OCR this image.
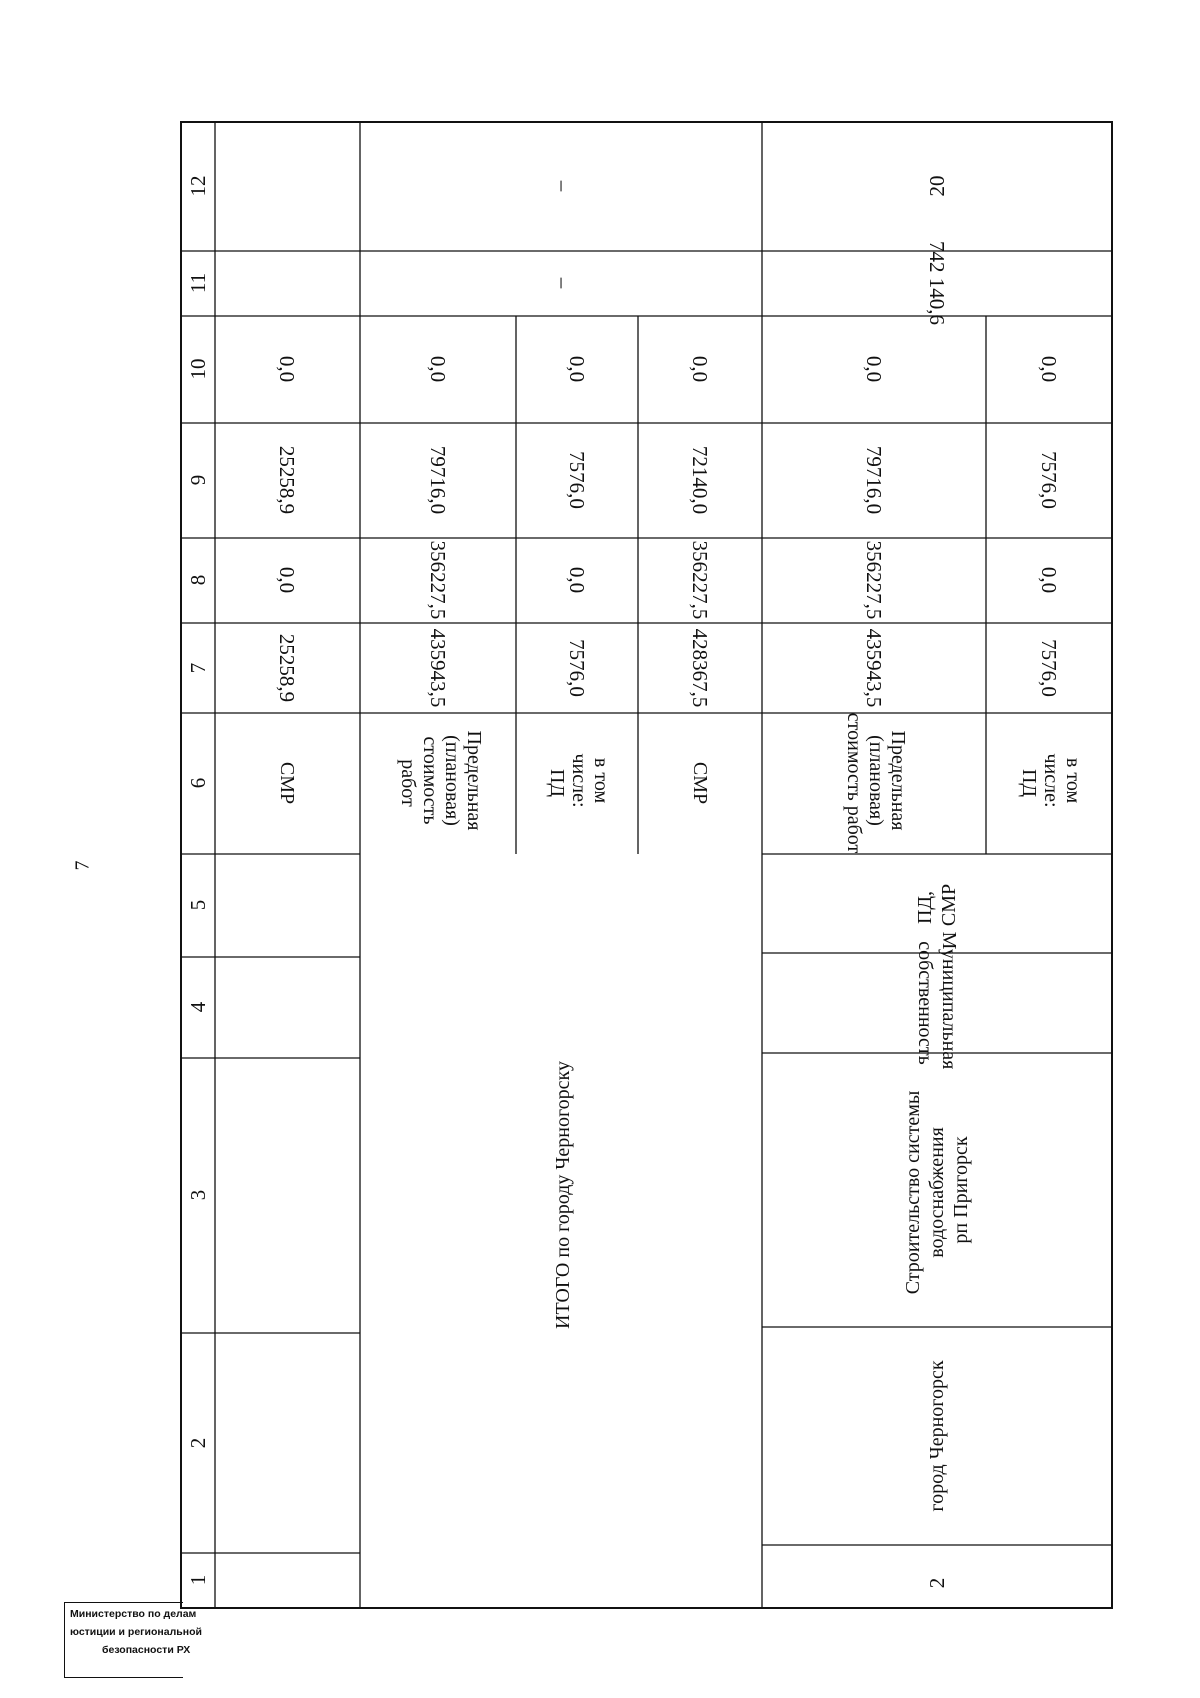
7
12
11
10
9
8
7
6
5
4
3
2
1
СМР
25258,9
0,0
25258,9
0,0
ИТОГО по городу Черногорску
–
–
Предельная (плановая) стоимость работ
435943,5
356227,5
79716,0
0,0
в том числе: ПД
7576,0
0,0
7576,0
0,0
СМР
428367,5
356227,5
72140,0
0,0
2
город Черногорск
Строительство системы водоснабжения рп Пригорск
Муниципальная собственность
ПД, СМР
742 140,6
20
Предельная (плановая) стоимость работ
435943,5
356227,5
79716,0
0,0
в том числе: ПД
7576,0
0,0
7576,0
0,0
Министерство по делам
юстиции и региональной
безопасности РХ
